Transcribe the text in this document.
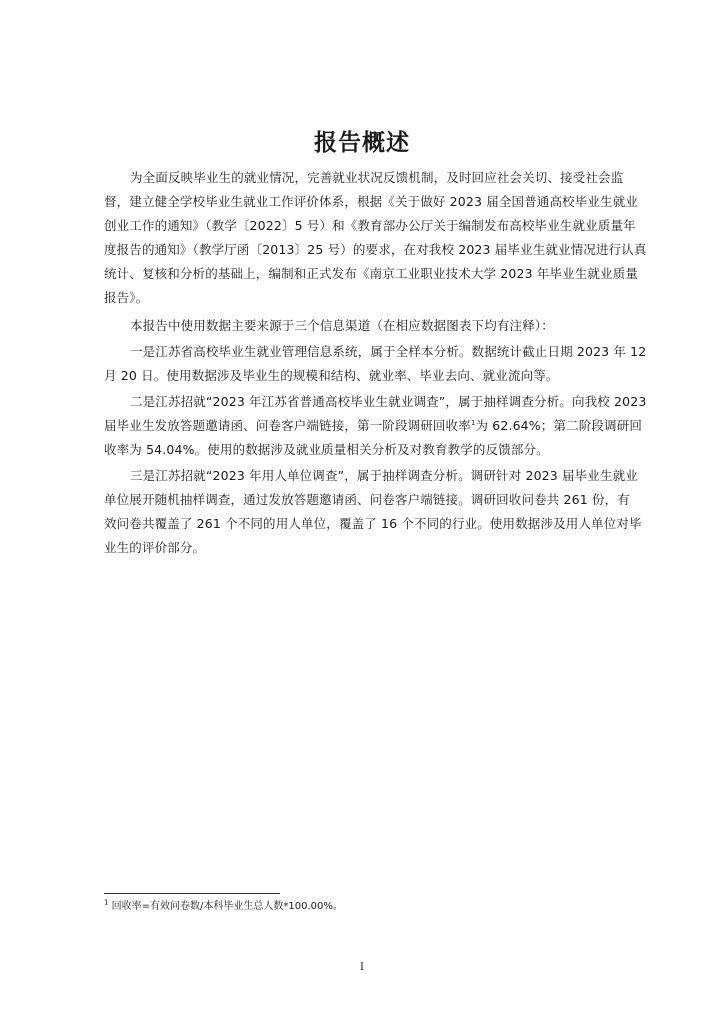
报告概述

为全面反映毕业生的就业情况，完善就业状况反馈机制，及时回应社会关切、接受社会监

督，建立健全学校毕业生就业工作评价体系，根据《关于做好 2023 届全国普通高校毕业生就业

创业工作的通知》（教学〔2022〕5 号）和《教育部办公厅关于编制发布高校毕业生就业质量年

度报告的通知》（教学厅函〔2013〕25 号）的要求，在对我校 2023 届毕业生就业情况进行认真

统计、复核和分析的基础上，编制和正式发布《南京工业职业技术大学 2023 年毕业生就业质量

报告》。

本报告中使用数据主要来源于三个信息渠道（在相应数据图表下均有注释）：

一是江苏省高校毕业生就业管理信息系统，属于全样本分析。数据统计截止日期 2023 年 12

月 20 日。使用数据涉及毕业生的规模和结构、就业率、毕业去向、就业流向等。

二是江苏招就“2023 年江苏省普通高校毕业生就业调查”，属于抽样调查分析。向我校 2023

届毕业生发放答题邀请函、问卷客户端链接，第一阶段调研回收率$^1$为 62.64%；第二阶段调研回

收率为 54.04%。使用的数据涉及就业质量相关分析及对教育教学的反馈部分。

三是江苏招就“2023 年用人单位调查”，属于抽样调查分析。调研针对 2023 届毕业生就业

单位展开随机抽样调查，通过发放答题邀请函、问卷客户端链接。调研回收问卷共 261 份，有

效问卷共覆盖了 261 个不同的用人单位，覆盖了 16 个不同的行业。使用数据涉及用人单位对毕

业生的评价部分。

$^1$ 回收率=有效问卷数/本科毕业生总人数*100.00%。

I
